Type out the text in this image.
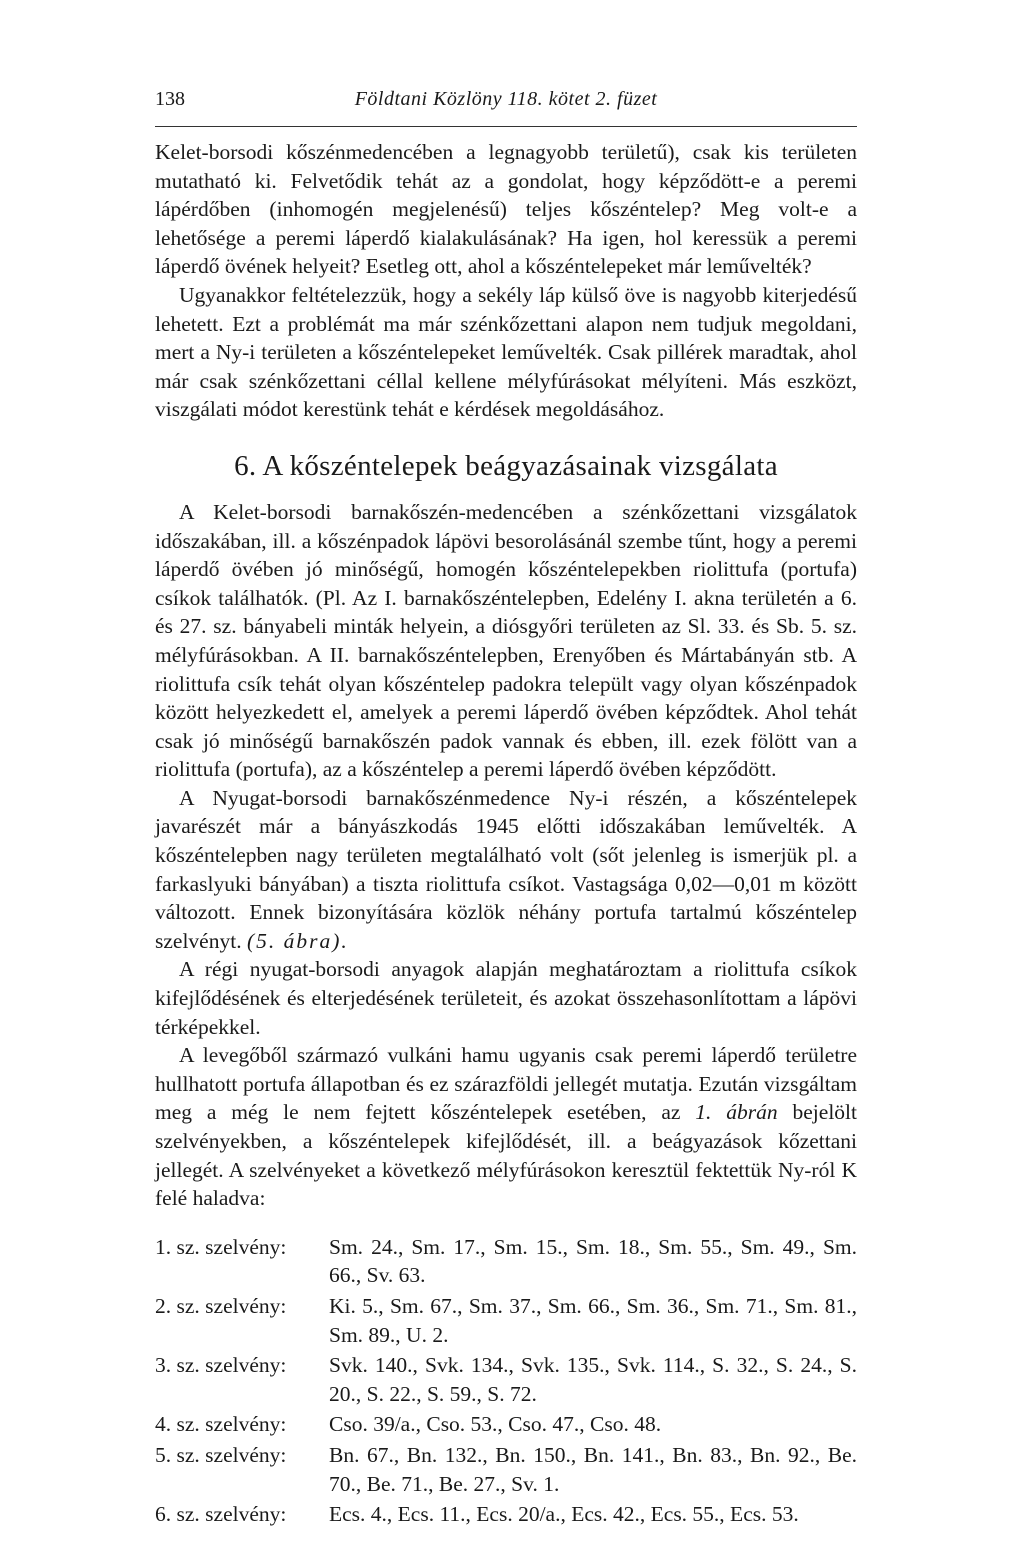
138	Földtani Közlöny 118. kötet 2. füzet

Kelet-borsodi kőszénmedencében a legnagyobb területű), csak kis területen mutatható ki. Felvetődik tehát az a gondolat, hogy képződött-e a peremi lápérdőben (inhomogén megjelenésű) teljes kőszéntelep? Meg volt-e a lehetősége a peremi láperdő kialakulásának? Ha igen, hol keressük a peremi láperdő övének helyeit? Esetleg ott, ahol a kőszéntelepeket már leművelték?

Ugyanakkor feltételezzük, hogy a sekély láp külső öve is nagyobb kiterjedésű lehetett. Ezt a problémát ma már szénkőzettani alapon nem tudjuk megoldani, mert a Ny-i területen a kőszéntelepeket leművelték. Csak pillérek maradtak, ahol már csak szénkőzettani céllal kellene mélyfúrásokat mélyíteni. Más eszközt, viszgálati módot kerestünk tehát e kérdések megoldásához.

6. A kőszéntelepek beágyazásainak vizsgálata

A Kelet-borsodi barnakőszén-medencében a szénkőzettani vizsgálatok időszakában, ill. a kőszénpadok lápövi besorolásánál szembe tűnt, hogy a peremi láperdő övében jó minőségű, homogén kőszéntelepekben riolittufa (portufa) csíkok találhatók. (Pl. Az I. barnakőszéntelepben, Edelény I. akna területén a 6. és 27. sz. bányabeli minták helyein, a diósgyőri területen az Sl. 33. és Sb. 5. sz. mélyfúrásokban. A II. barnakőszéntelepben, Erenyőben és Mártabányán stb. A riolittufa csík tehát olyan kőszéntelep padokra települt vagy olyan kőszénpadok között helyezkedett el, amelyek a peremi láperdő övében képződtek. Ahol tehát csak jó minőségű barnakőszén padok vannak és ebben, ill. ezek fölött van a riolittufa (portufa), az a kőszéntelep a peremi láperdő övében képződött.

A Nyugat-borsodi barnakőszénmedence Ny-i részén, a kőszéntelepek javarészét már a bányászkodás 1945 előtti időszakában leművelték. A kőszéntelepben nagy területen megtalálható volt (sőt jelenleg is ismerjük pl. a farkaslyuki bányában) a tiszta riolittufa csíkot. Vastagsága 0,02—0,01 m között változott. Ennek bizonyítására közlök néhány portufa tartalmú kőszéntelep szelvényt. (5. ábra).

A régi nyugat-borsodi anyagok alapján meghatároztam a riolittufa csíkok kifejlődésének és elterjedésének területeit, és azokat összehasonlítottam a lápövi térképekkel.

A levegőből származó vulkáni hamu ugyanis csak peremi láperdő területre hullhatott portufa állapotban és ez szárazföldi jellegét mutatja. Ezután vizsgáltam meg a még le nem fejtett kőszéntelepek esetében, az 1. ábrán bejelölt szelvényekben, a kőszéntelepek kifejlődését, ill. a beágyazások kőzettani jellegét. A szelvényeket a következő mélyfúrásokon keresztül fektettük Ny-ról K felé haladva:

1. sz. szelvény:	Sm. 24., Sm. 17., Sm. 15., Sm. 18., Sm. 55., Sm. 49., Sm. 66., Sv. 63.
2. sz. szelvény:	Ki. 5., Sm. 67., Sm. 37., Sm. 66., Sm. 36., Sm. 71., Sm. 81., Sm. 89., U. 2.
3. sz. szelvény:	Svk. 140., Svk. 134., Svk. 135., Svk. 114., S. 32., S. 24., S. 20., S. 22., S. 59., S. 72.
4. sz. szelvény:	Cso. 39/a., Cso. 53., Cso. 47., Cso. 48.
5. sz. szelvény:	Bn. 67., Bn. 132., Bn. 150., Bn. 141., Bn. 83., Bn. 92., Be. 70., Be. 71., Be. 27., Sv. 1.
6. sz. szelvény:	Ecs. 4., Ecs. 11., Ecs. 20/a., Ecs. 42., Ecs. 55., Ecs. 53.
